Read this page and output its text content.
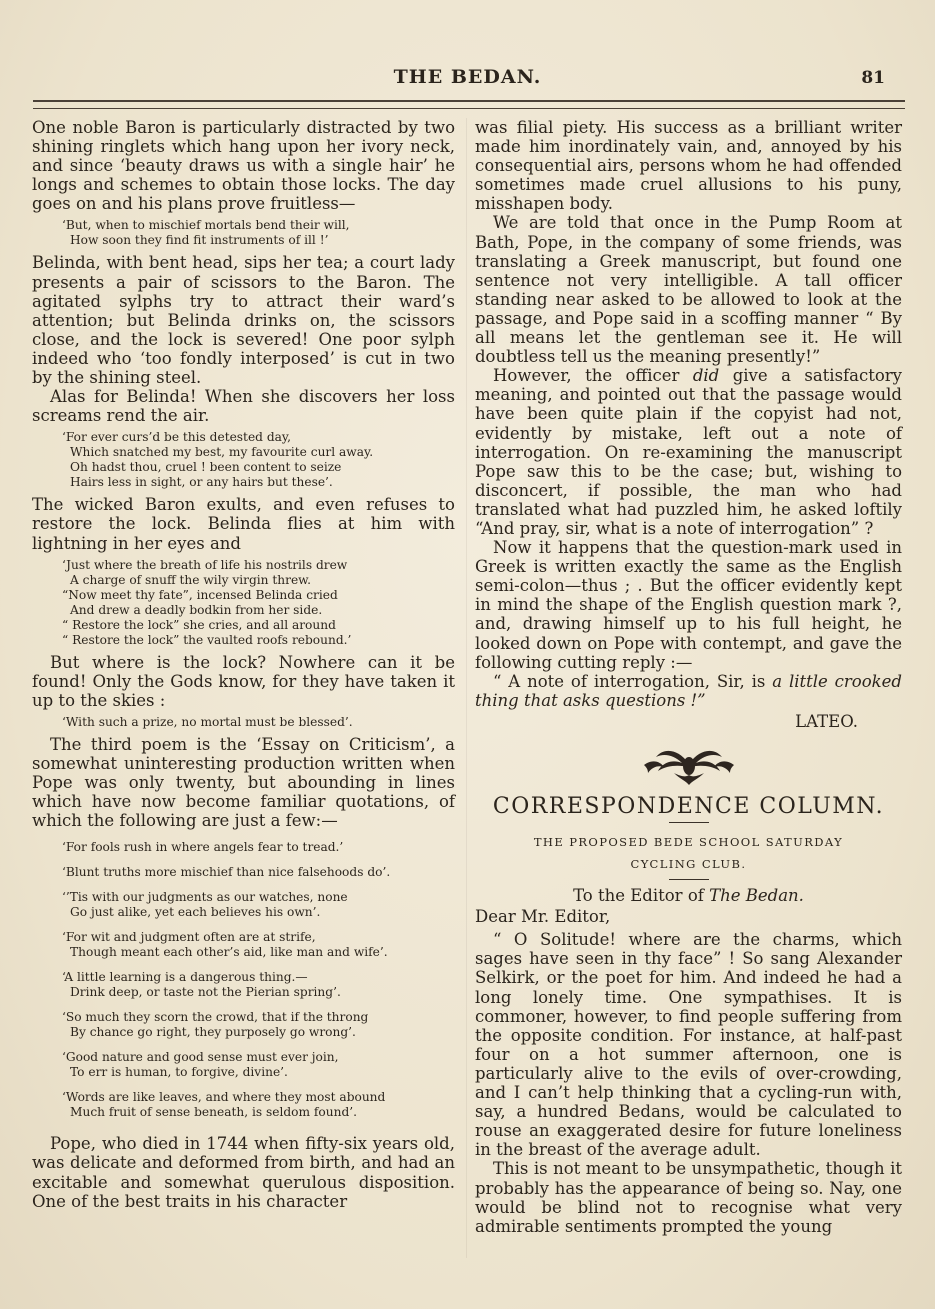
THE BEDAN.	81

One noble Baron is particularly distracted by two shining ringlets which hang upon her ivory neck, and since ‘beauty draws us with a single hair’ he longs and schemes to obtain those locks. The day goes on and his plans prove fruitless—

‘But, when to mischief mortals bend their will,
How soon they find fit instruments of ill !’

Belinda, with bent head, sips her tea; a court lady presents a pair of scissors to the Baron. The agitated sylphs try to attract their ward’s attention; but Belinda drinks on, the scissors close, and the lock is severed! One poor sylph indeed who ‘too fondly interposed’ is cut in two by the shining steel.

Alas for Belinda! When she discovers her loss screams rend the air.

‘For ever curs’d be this detested day,
Which snatched my best, my favourite curl away.
Oh hadst thou, cruel ! been content to seize
Hairs less in sight, or any hairs but these’.

The wicked Baron exults, and even refuses to restore the lock. Belinda flies at him with lightning in her eyes and

‘Just where the breath of life his nostrils drew
A charge of snuff the wily virgin threw.
“Now meet thy fate”, incensed Belinda cried
And drew a deadly bodkin from her side.
“ Restore the lock” she cries, and all around
“ Restore the lock” the vaulted roofs rebound.’

But where is the lock? Nowhere can it be found! Only the Gods know, for they have taken it up to the skies :

‘With such a prize, no mortal must be blessed’.

The third poem is the ‘Essay on Criticism’, a somewhat uninteresting production written when Pope was only twenty, but abounding in lines which have now become familiar quotations, of which the following are just a few:—

‘For fools rush in where angels fear to tread.’
‘Blunt truths more mischief than nice falsehoods do’.
‘’Tis with our judgments as our watches, none
Go just alike, yet each believes his own’.
‘For wit and judgment often are at strife,
Though meant each other’s aid, like man and wife’.
‘A little learning is a dangerous thing.—
Drink deep, or taste not the Pierian spring’.
‘So much they scorn the crowd, that if the throng
By chance go right, they purposely go wrong’.
‘Good nature and good sense must ever join,
To err is human, to forgive, divine’.
‘Words are like leaves, and where they most abound
Much fruit of sense beneath, is seldom found’.

Pope, who died in 1744 when fifty-six years old, was delicate and deformed from birth, and had an excitable and somewhat querulous disposition. One of the best traits in his character

was filial piety. His success as a brilliant writer made him inordinately vain, and, annoyed by his consequential airs, persons whom he had offended sometimes made cruel allusions to his puny, misshapen body.

We are told that once in the Pump Room at Bath, Pope, in the company of some friends, was translating a Greek manuscript, but found one sentence not very intelligible. A tall officer standing near asked to be allowed to look at the passage, and Pope said in a scoffing manner “ By all means let the gentleman see it. He will doubtless tell us the meaning presently!”

However, the officer did give a satisfactory meaning, and pointed out that the passage would have been quite plain if the copyist had not, evidently by mistake, left out a note of interrogation. On re-examining the manuscript Pope saw this to be the case; but, wishing to disconcert, if possible, the man who had translated what had puzzled him, he asked loftily “And pray, sir, what is a note of interrogation” ?

Now it happens that the question-mark used in Greek is written exactly the same as the English semi-colon—thus ; . But the officer evidently kept in mind the shape of the English question mark ?, and, drawing himself up to his full height, he looked down on Pope with contempt, and gave the following cutting reply :—

“ A note of interrogation, Sir, is a little crooked thing that asks questions !”

LATEO.

CORRESPONDENCE COLUMN.
THE PROPOSED BEDE SCHOOL SATURDAY
CYCLING CLUB.
To the Editor of The Bedan.

Dear Mr. Editor,

“ O Solitude! where are the charms, which sages have seen in thy face” ! So sang Alexander Selkirk, or the poet for him. And indeed he had a long lonely time. One sympathises. It is commoner, however, to find people suffering from the opposite condition. For instance, at half-past four on a hot summer afternoon, one is particularly alive to the evils of over-crowding, and I can’t help thinking that a cycling-run with, say, a hundred Bedans, would be calculated to rouse an exaggerated desire for future loneliness in the breast of the average adult.

This is not meant to be unsympathetic, though it probably has the appearance of being so. Nay, one would be blind not to recognise what very admirable sentiments prompted the young
